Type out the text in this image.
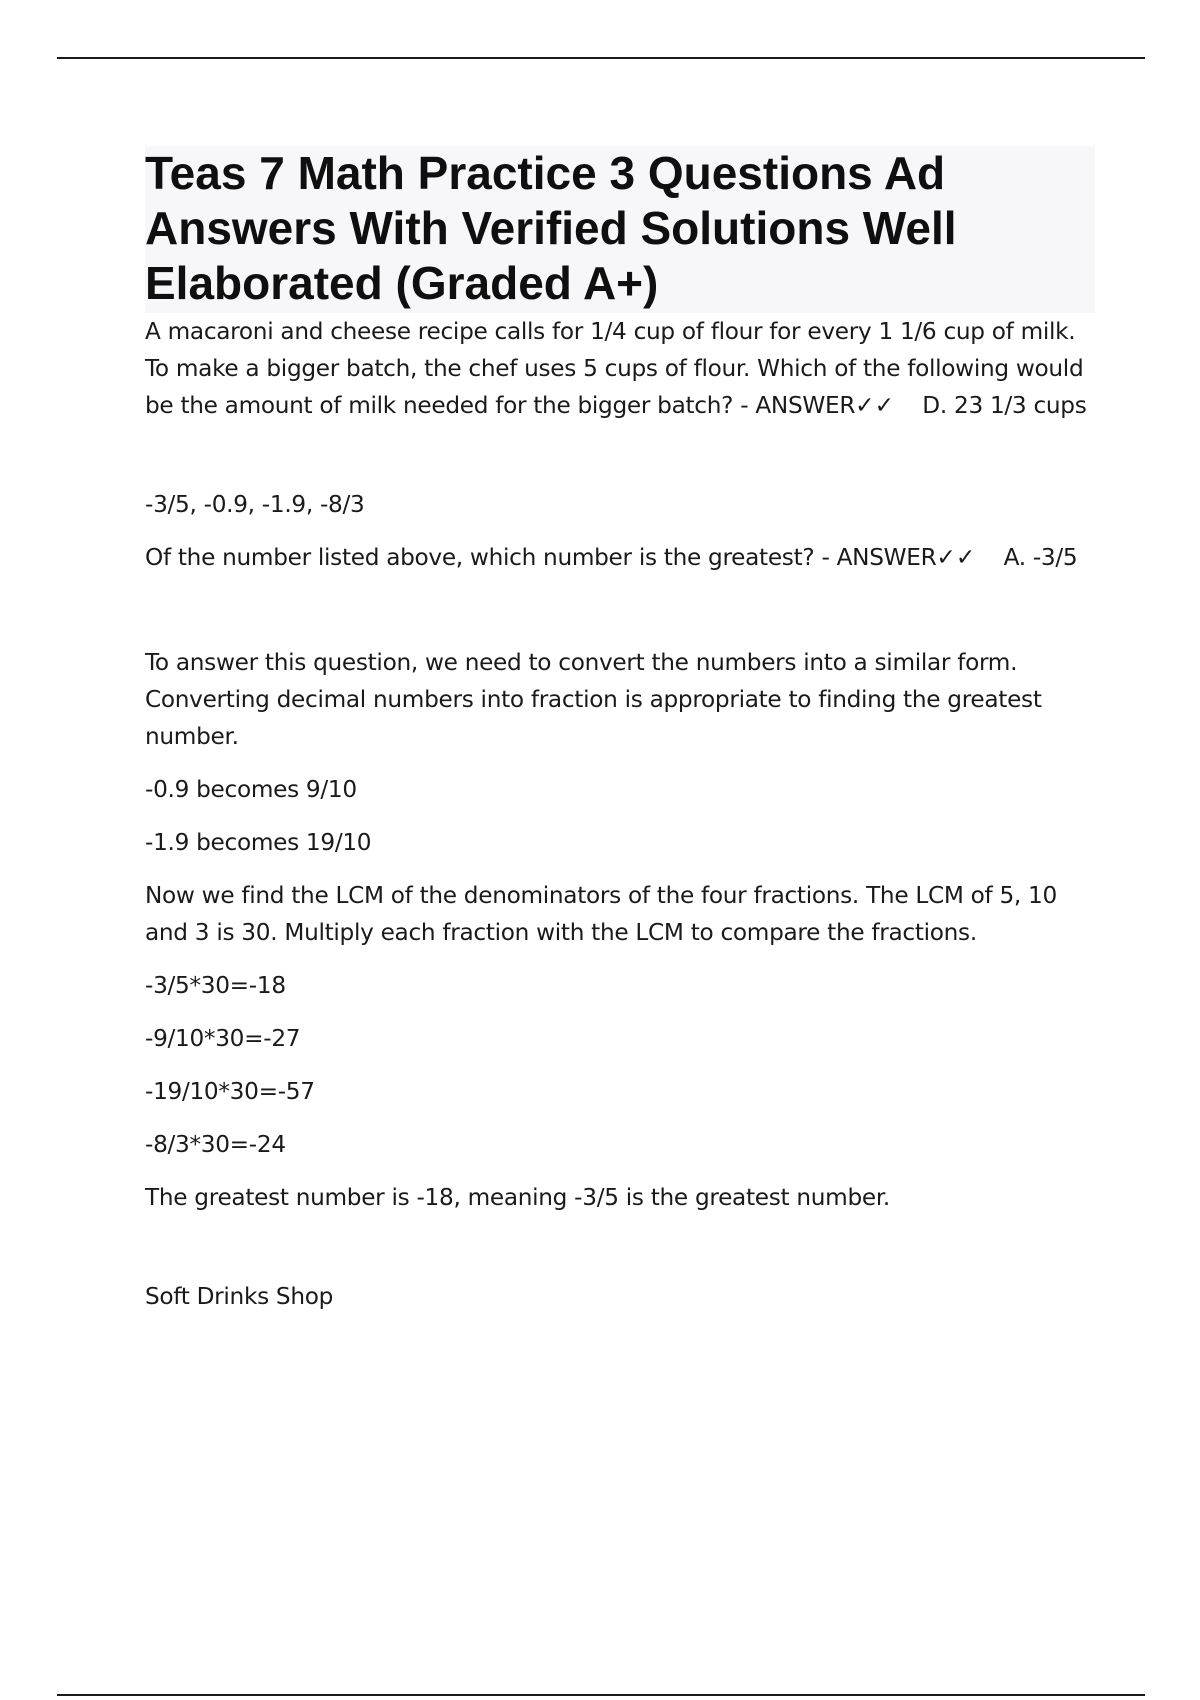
Teas 7 Math Practice 3 Questions Ad Answers With Verified Solutions Well Elaborated (Graded A+)

A macaroni and cheese recipe calls for 1/4 cup of flour for every 1 1/6 cup of milk. To make a bigger batch, the chef uses 5 cups of flour. Which of the following would be the amount of milk needed for the bigger batch? - ANSWER✓✓    D. 23 1/3 cups

-3/5, -0.9, -1.9, -8/3

Of the number listed above, which number is the greatest? - ANSWER✓✓    A. -3/5

To answer this question, we need to convert the numbers into a similar form. Converting decimal numbers into fraction is appropriate to finding the greatest number.

-0.9 becomes 9/10

-1.9 becomes 19/10

Now we find the LCM of the denominators of the four fractions. The LCM of 5, 10 and 3 is 30. Multiply each fraction with the LCM to compare the fractions.

-3/5*30=-18

-9/10*30=-27

-19/10*30=-57

-8/3*30=-24

The greatest number is -18, meaning -3/5 is the greatest number.

Soft Drinks Shop
